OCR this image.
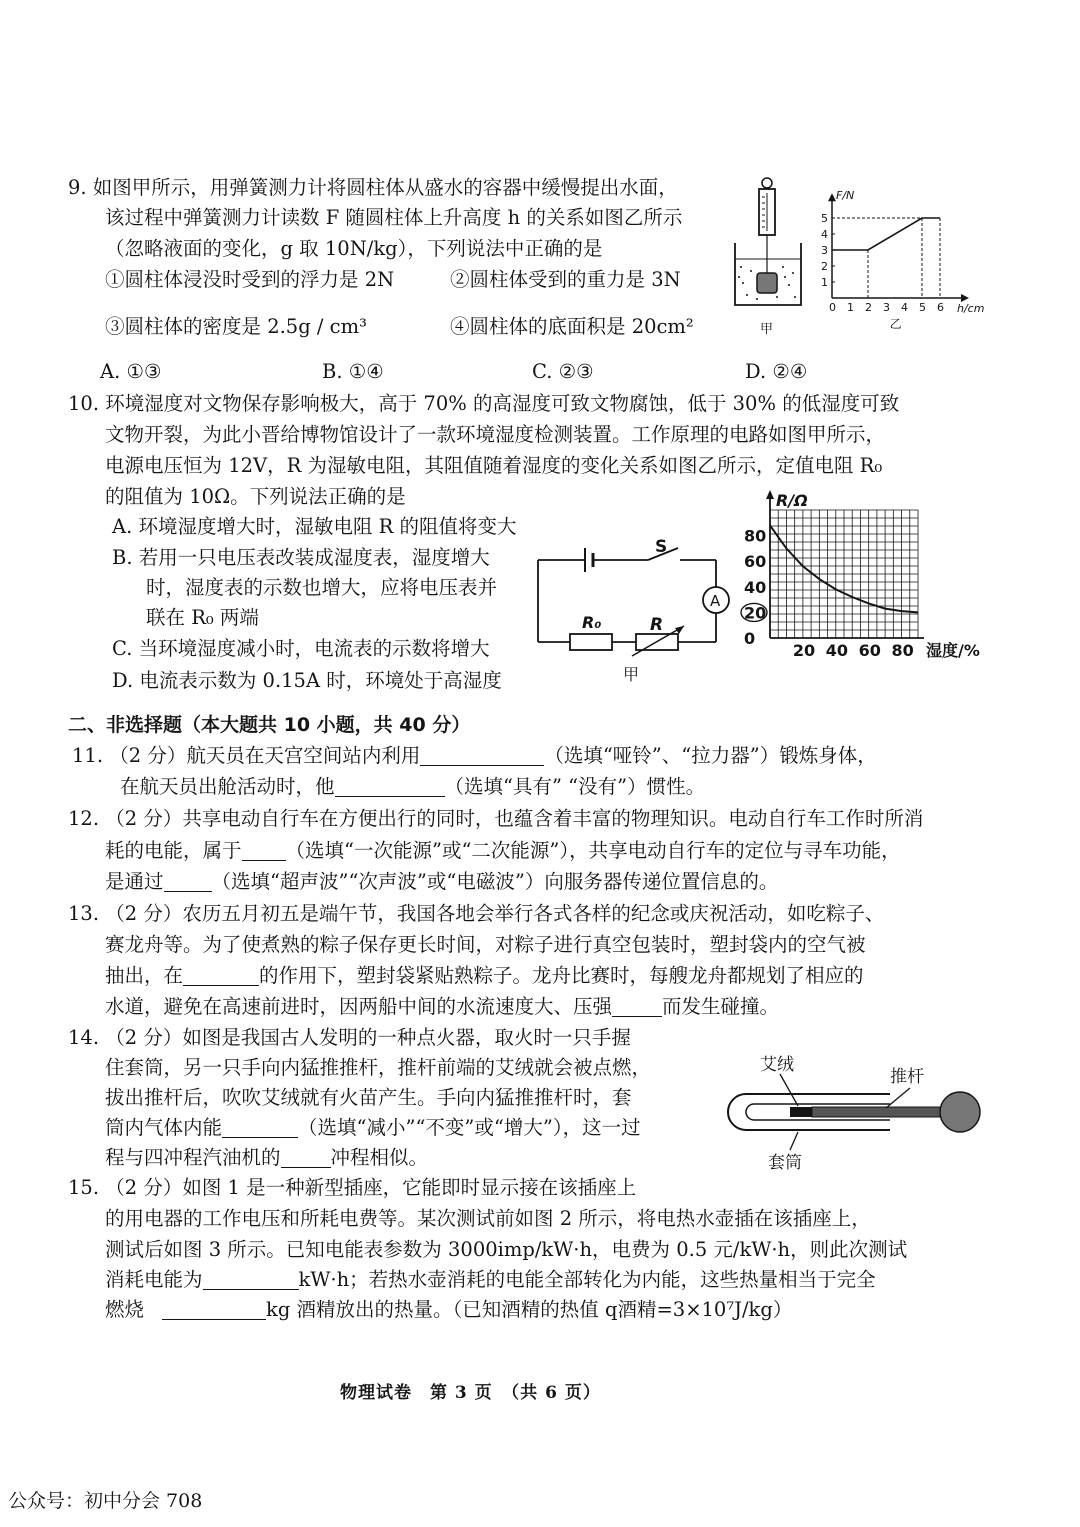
9. 如图甲所示，用弹簧测力计将圆柱体从盛水的容器中缓慢提出水面，
该过程中弹簧测力计读数 F 随圆柱体上升高度 h 的关系如图乙所示
（忽略液面的变化，g 取 10N/kg），下列说法中正确的是
①圆柱体浸没时受到的浮力是 2N	②圆柱体受到的重力是 3N
③圆柱体的密度是 2.5g / cm³	④圆柱体的底面积是 20cm²
A. ①③	B. ①④	C. ②③	D. ②④
甲
F/N
h/cm
0 1 2 3 4 5 6
1
2
3
4
5
乙
10. 环境湿度对文物保存影响极大，高于 70% 的高湿度可致文物腐蚀，低于 30% 的低湿度可致
文物开裂，为此小晋给博物馆设计了一款环境湿度检测装置。工作原理的电路如图甲所示，
电源电压恒为 12V，R 为湿敏电阻，其阻值随着湿度的变化关系如图乙所示，定值电阻 R₀
的阻值为 10Ω。下列说法正确的是
A. 环境湿度增大时，湿敏电阻 R 的阻值将变大
B. 若用一只电压表改装成湿度表，湿度增大
时，湿度表的示数也增大，应将电压表并
联在 R₀ 两端
C. 当环境湿度减小时，电流表的示数将增大
D. 电流表示数为 0.15A 时，环境处于高湿度
S
A
R
R₀
甲
R/Ω
湿度/%
0
20
40
60
80
20 40 60 80
二、非选择题（本大题共 10 小题，共 40 分）
11. （2 分）航天员在天宫空间站内利用	（选填“哑铃”、“拉力器”）锻炼身体，
在航天员出舱活动时，他	（选填“具有” “没有”）惯性。
12. （2 分）共享电动自行车在方便出行的同时，也蕴含着丰富的物理知识。电动自行车工作时所消
耗的电能，属于 （选填“一次能源”或“二次能源”），共享电动自行车的定位与寻车功能，
是通过 （选填“超声波”“次声波”或“电磁波”）向服务器传递位置信息的。
13. （2 分）农历五月初五是端午节，我国各地会举行各式各样的纪念或庆祝活动，如吃粽子、
赛龙舟等。为了使煮熟的粽子保存更长时间，对粽子进行真空包装时，塑封袋内的空气被
抽出，在	的作用下，塑封袋紧贴熟粽子。龙舟比赛时，每艘龙舟都规划了相应的
水道，避免在高速前进时，因两船中间的水流速度大、压强	而发生碰撞。
14. （2 分）如图是我国古人发明的一种点火器，取火时一只手握
住套筒，另一只手向内猛推推杆，推杆前端的艾绒就会被点燃，
拔出推杆后，吹吹艾绒就有火苗产生。手向内猛推推杆时，套
筒内气体内能	（选填“减小”“不变”或“增大”），这一过
程与四冲程汽油机的	冲程相似。
艾绒
推杆
套筒
15. （2 分）如图 1 是一种新型插座，它能即时显示接在该插座上
的用电器的工作电压和所耗电费等。某次测试前如图 2 所示，将电热水壶插在该插座上，
测试后如图 3 所示。已知电能表参数为 3000imp/kW·h，电费为 0.5 元/kW·h，则此次测试
消耗电能为	kW·h；若热水壶消耗的电能全部转化为内能，这些热量相当于完全
燃烧	kg 酒精放出的热量。（已知酒精的热值 q酒精=3×10⁷J/kg）
物理试卷　第 3 页　（共 6 页）
公众号：初中分会 708
